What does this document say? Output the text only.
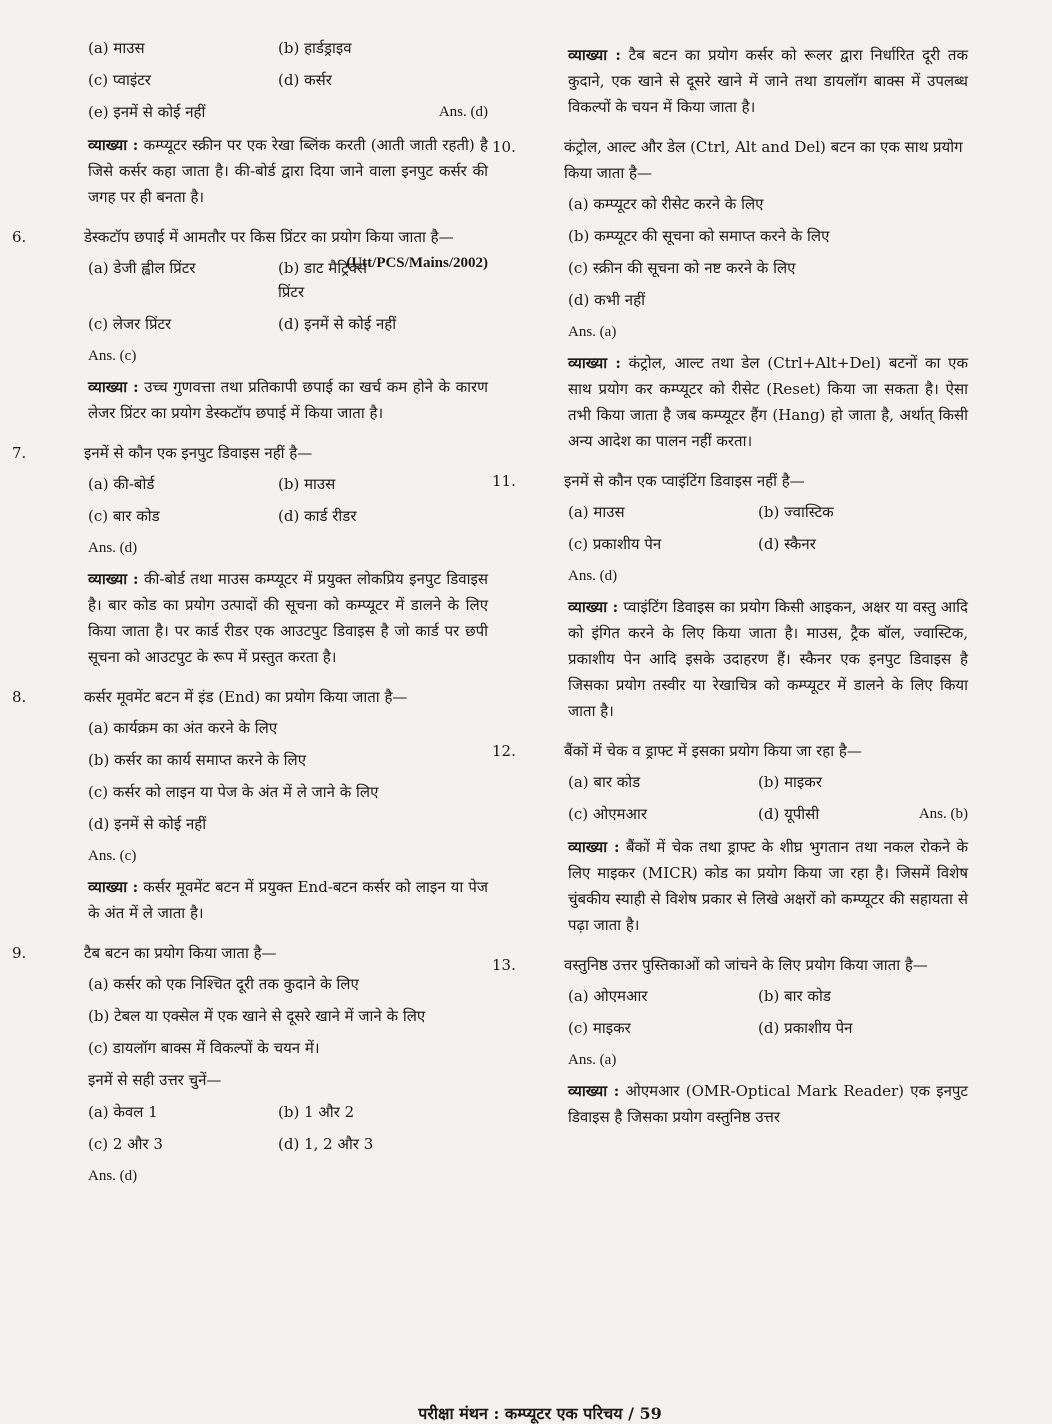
(a) माउस	(b) हार्डड्राइव
(c) प्वाइंटर	(d) कर्सर
(e) इनमें से कोई नहीं	Ans. (d)

व्याख्या : कम्प्यूटर स्क्रीन पर एक रेखा ब्लिंक करती (आती जाती रहती) है जिसे कर्सर कहा जाता है। की-बोर्ड द्वारा दिया जाने वाला इनपुट कर्सर की जगह पर ही बनता है।

6.	डेस्कटॉप छपाई में आमतौर पर किस प्रिंटर का प्रयोग किया जाता है—
(Utt/PCS/Mains/2002)

(a) डेजी ह्वील प्रिंटर	(b) डाट मैट्रिक्स प्रिंटर
(c) लेजर प्रिंटर	(d) इनमें से कोई नहीं
Ans. (c)

व्याख्या : उच्च गुणवत्ता तथा प्रतिकापी छपाई का खर्च कम होने के कारण लेजर प्रिंटर का प्रयोग डेस्कटॉप छपाई में किया जाता है।

7.	इनमें से कौन एक इनपुट डिवाइस नहीं है—

(a) की-बोर्ड	(b) माउस
(c) बार कोड	(d) कार्ड रीडर
Ans. (d)

व्याख्या : की-बोर्ड तथा माउस कम्प्यूटर में प्रयुक्त लोकप्रिय इनपुट डिवाइस है। बार कोड का प्रयोग उत्पादों की सूचना को कम्प्यूटर में डालने के लिए किया जाता है। पर कार्ड रीडर एक आउटपुट डिवाइस है जो कार्ड पर छपी सूचना को आउटपुट के रूप में प्रस्तुत करता है।

8.	कर्सर मूवमेंट बटन में इंड (End) का प्रयोग किया जाता है—

(a) कार्यक्रम का अंत करने के लिए
(b) कर्सर का कार्य समाप्त करने के लिए
(c) कर्सर को लाइन या पेज के अंत में ले जाने के लिए
(d) इनमें से कोई नहीं
Ans. (c)

व्याख्या : कर्सर मूवमेंट बटन में प्रयुक्त End-बटन कर्सर को लाइन या पेज के अंत में ले जाता है।

9.	टैब बटन का प्रयोग किया जाता है—

(a) कर्सर को एक निश्चित दूरी तक कुदाने के लिए
(b) टेबल या एक्सेल में एक खाने से दूसरे खाने में जाने के लिए
(c) डायलॉग बाक्स में विकल्पों के चयन में।
इनमें से सही उत्तर चुनें—
(a) केवल 1	(b) 1 और 2
(c) 2 और 3	(d) 1, 2 और 3
Ans. (d)

व्याख्या : टैब बटन का प्रयोग कर्सर को रूलर द्वारा निर्धारित दूरी तक कुदाने, एक खाने से दूसरे खाने में जाने तथा डायलॉग बाक्स में उपलब्ध विकल्पों के चयन में किया जाता है।

10.	कंट्रोल, आल्ट और डेल (Ctrl, Alt and Del) बटन का एक साथ प्रयोग किया जाता है—

(a) कम्प्यूटर को रीसेट करने के लिए
(b) कम्प्यूटर की सूचना को समाप्त करने के लिए
(c) स्क्रीन की सूचना को नष्ट करने के लिए
(d) कभी नहीं
Ans. (a)

व्याख्या : कंट्रोल, आल्ट तथा डेल (Ctrl+Alt+Del) बटनों का एक साथ प्रयोग कर कम्प्यूटर को रीसेट (Reset) किया जा सकता है। ऐसा तभी किया जाता है जब कम्प्यूटर हैंग (Hang) हो जाता है, अर्थात् किसी अन्य आदेश का पालन नहीं करता।

11.	इनमें से कौन एक प्वाइंटिंग डिवाइस नहीं है—

(a) माउस	(b) ज्वास्टिक
(c) प्रकाशीय पेन	(d) स्कैनर
Ans. (d)

व्याख्या : प्वाइंटिंग डिवाइस का प्रयोग किसी आइकन, अक्षर या वस्तु आदि को इंगित करने के लिए किया जाता है। माउस, ट्रैक बॉल, ज्वास्टिक, प्रकाशीय पेन आदि इसके उदाहरण हैं। स्कैनर एक इनपुट डिवाइस है जिसका प्रयोग तस्वीर या रेखाचित्र को कम्प्यूटर में डालने के लिए किया जाता है।

12.	बैंकों में चेक व ड्राफ्ट में इसका प्रयोग किया जा रहा है—

(a) बार कोड	(b) माइकर
(c) ओएमआर	(d) यूपीसी	Ans. (b)

व्याख्या : बैंकों में चेक तथा ड्राफ्ट के शीघ्र भुगतान तथा नकल रोकने के लिए माइकर (MICR) कोड का प्रयोग किया जा रहा है। जिसमें विशेष चुंबकीय स्याही से विशेष प्रकार से लिखे अक्षरों को कम्प्यूटर की सहायता से पढ़ा जाता है।

13.	वस्तुनिष्ठ उत्तर पुस्तिकाओं को जांचने के लिए प्रयोग किया जाता है—

(a) ओएमआर	(b) बार कोड
(c) माइकर	(d) प्रकाशीय पेन
Ans. (a)

व्याख्या : ओएमआर (OMR-Optical Mark Reader) एक इनपुट डिवाइस है जिसका प्रयोग वस्तुनिष्ठ उत्तर

परीक्षा मंथन : कम्प्यूटर एक परिचय / 59
